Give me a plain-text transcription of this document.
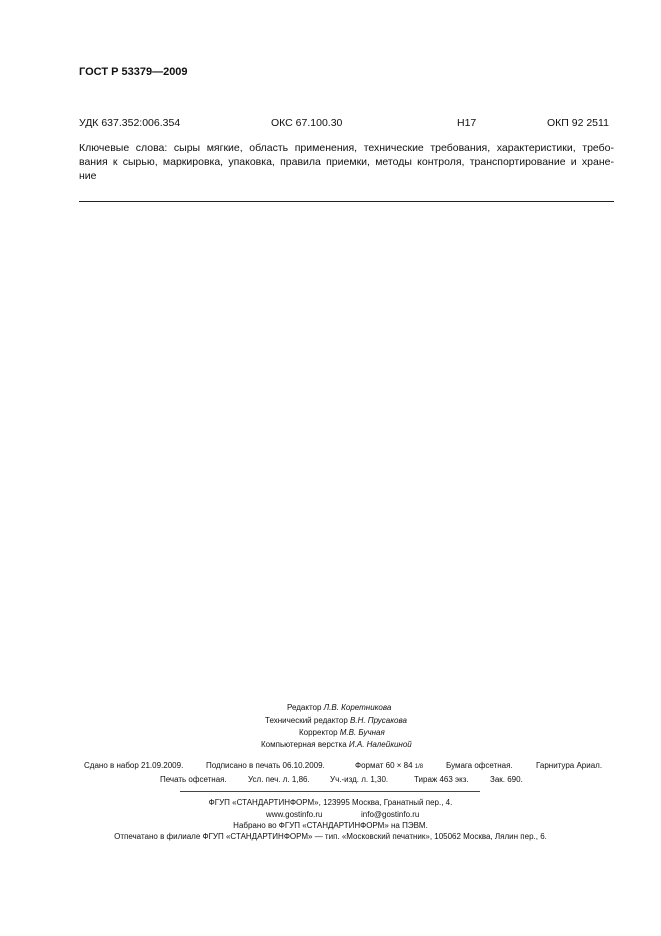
ГОСТ Р 53379—2009
УДК 637.352:006.354	ОКС 67.100.30	Н17	ОКП 92 2511
Ключевые слова: сыры мягкие, область применения, технические требования, характеристики, требо-
вания к сырью, маркировка, упаковка, правила приемки, методы контроля, транспортирование и хране-
ние
Редактор Л.В. Коретникова
Технический редактор В.Н. Прусакова
Корректор М.В. Бучная
Компьютерная верстка И.А. Налейкиной
Сдано в набор 21.09.2009.	Подписано в печать 06.10.2009.	Формат 60 × 84 1/8	Бумага офсетная.	Гарнитура Ариал.
Печать офсетная.	Усл. печ. л. 1,86.	Уч.-изд. л. 1,30.	Тираж 463 экз.	Зак. 690.
ФГУП «СТАНДАРТИНФОРМ», 123995 Москва, Гранатный пер., 4.
www.gostinfo.ru	info@gostinfo.ru
Набрано во ФГУП «СТАНДАРТИНФОРМ» на ПЭВМ.
Отпечатано в филиале ФГУП «СТАНДАРТИНФОРМ» — тип. «Московский печатник», 105062 Москва, Лялин пер., 6.
